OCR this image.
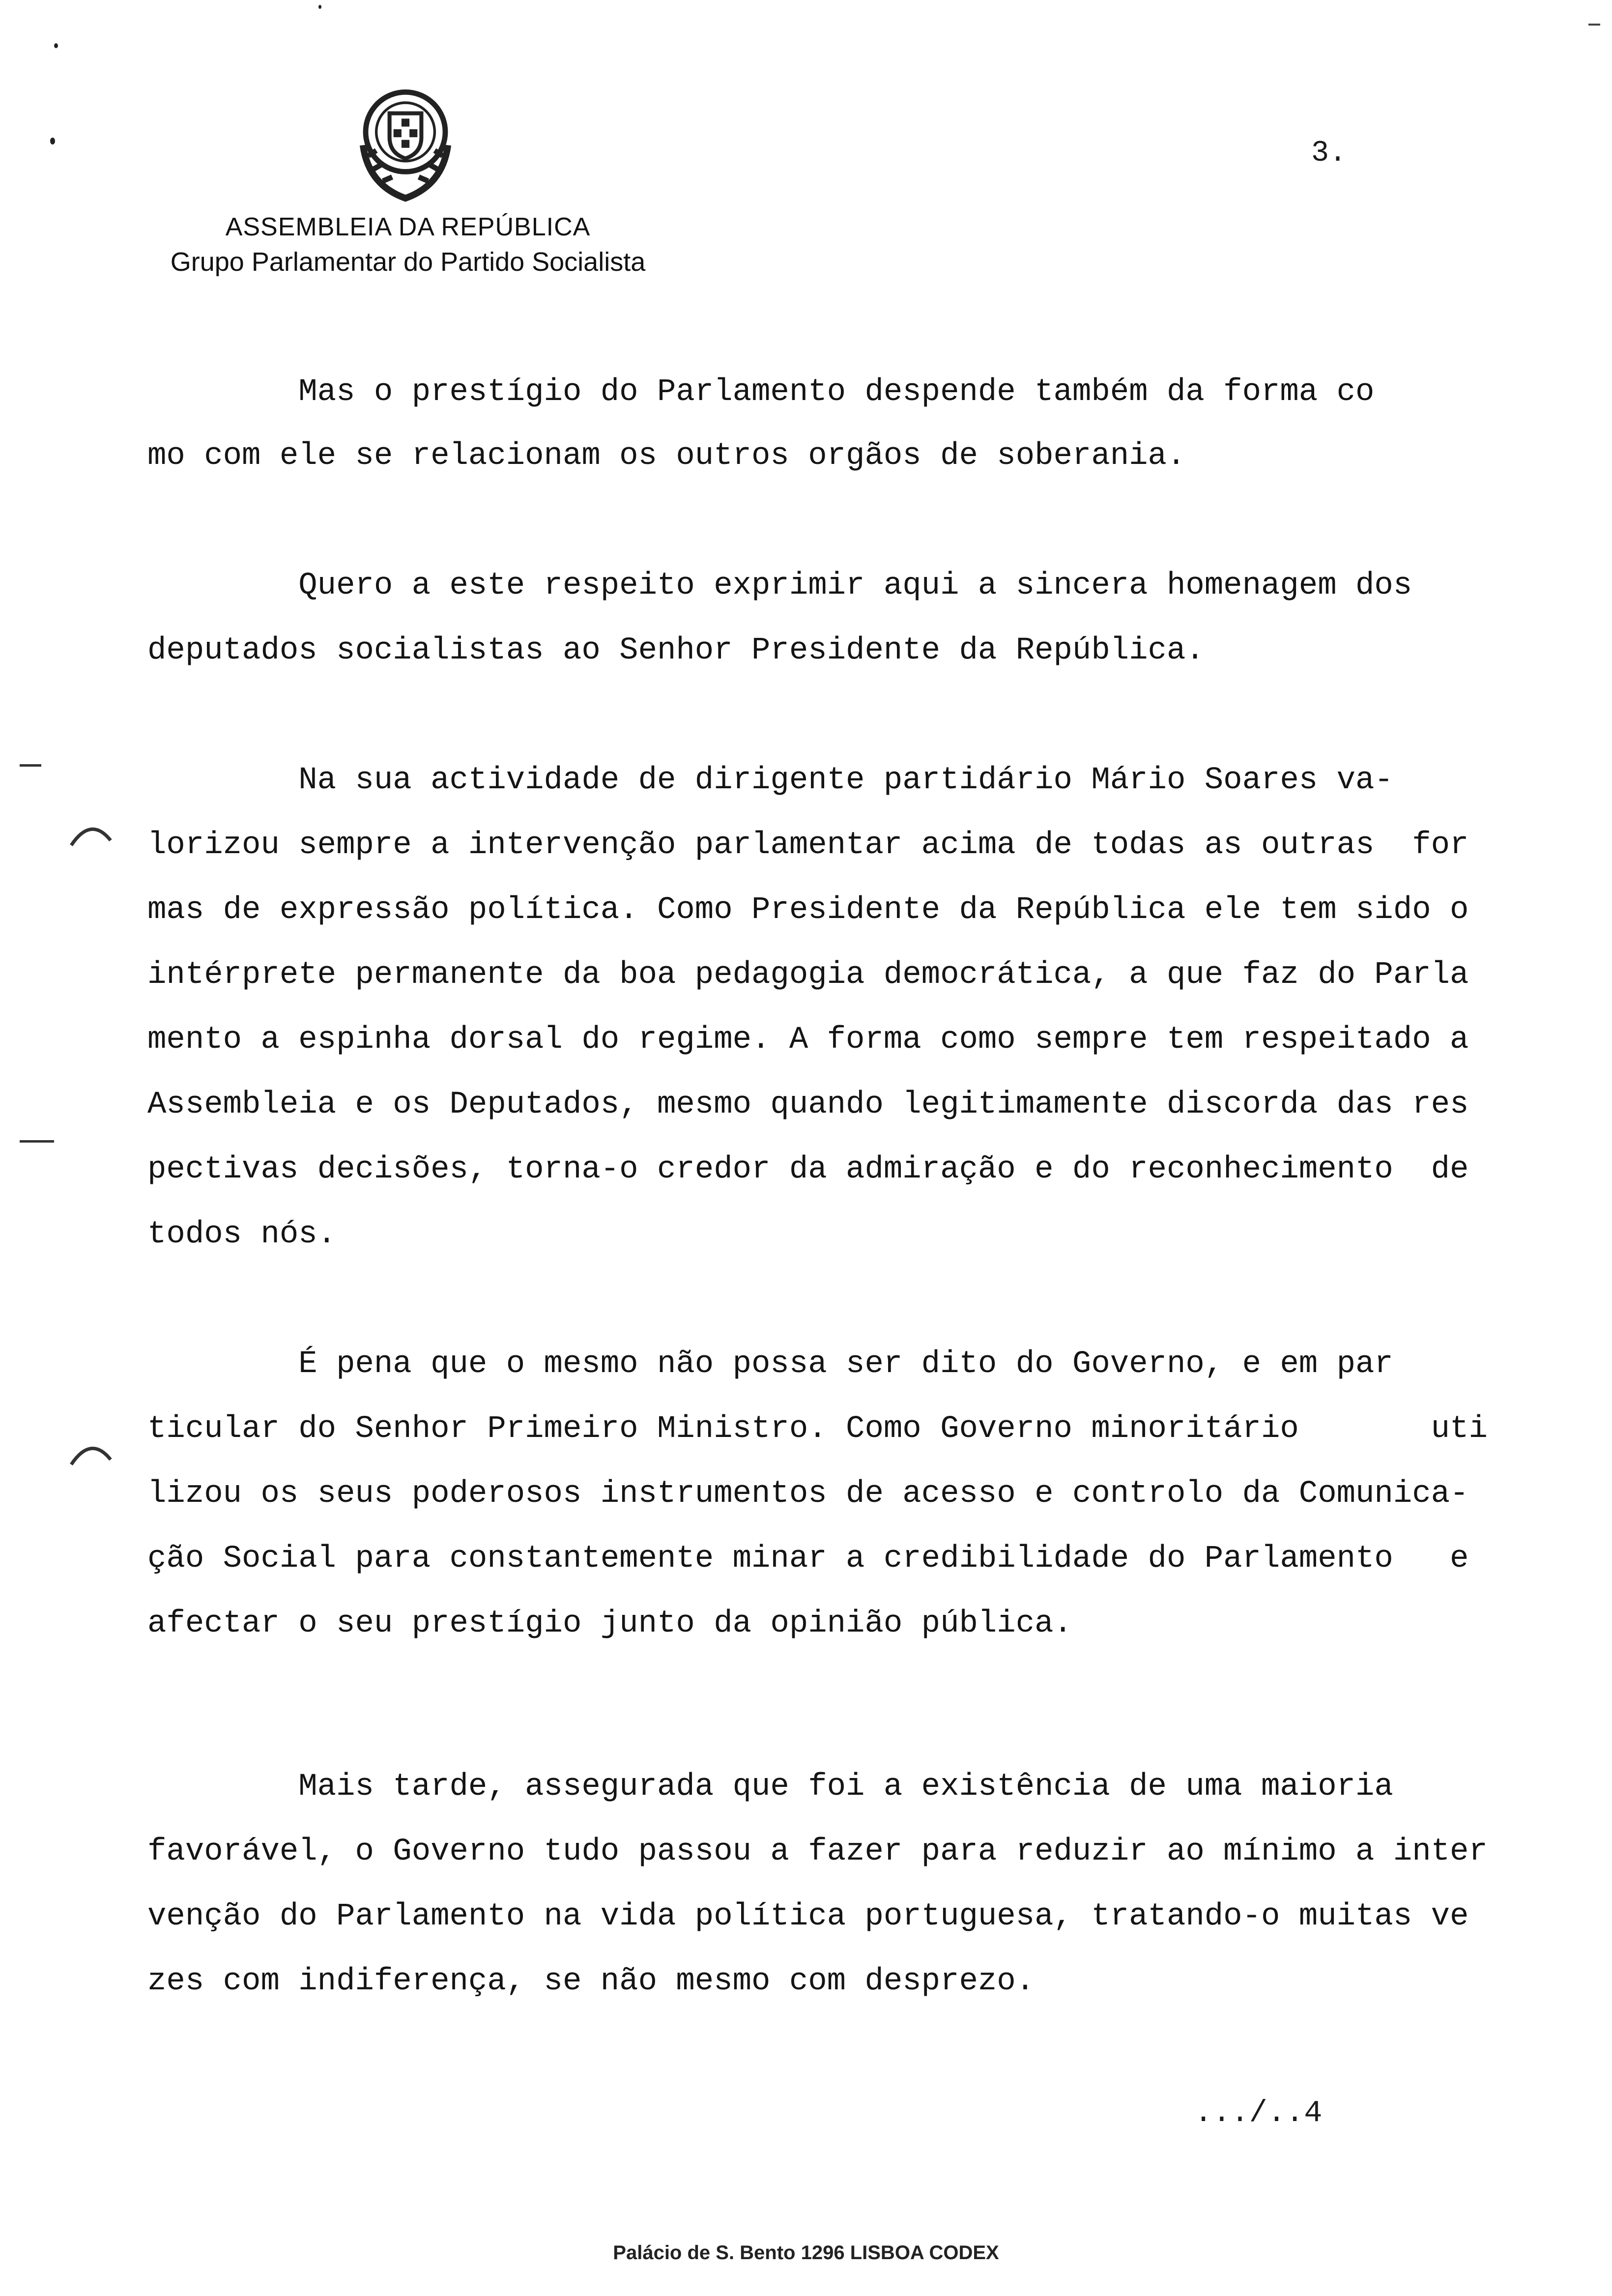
ASSEMBLEIA DA REPÚBLICA
Grupo Parlamentar do Partido Socialista
3.
Mas o prestígio do Parlamento despende também da forma co
mo com ele se relacionam os outros orgãos de soberania.
Quero a este respeito exprimir aqui a sincera homenagem dos
deputados socialistas ao Senhor Presidente da República.
Na sua actividade de dirigente partidário Mário Soares va-
lorizou sempre a intervenção parlamentar acima de todas as outras  for
mas de expressão política. Como Presidente da República ele tem sido o
intérprete permanente da boa pedagogia democrática, a que faz do Parla
mento a espinha dorsal do regime. A forma como sempre tem respeitado a
Assembleia e os Deputados, mesmo quando legitimamente discorda das res
pectivas decisões, torna-o credor da admiração e do reconhecimento  de
todos nós.
É pena que o mesmo não possa ser dito do Governo, e em par
ticular do Senhor Primeiro Ministro. Como Governo minoritário       uti
lizou os seus poderosos instrumentos de acesso e controlo da Comunica-
ção Social para constantemente minar a credibilidade do Parlamento   e
afectar o seu prestígio junto da opinião pública.
Mais tarde, assegurada que foi a existência de uma maioria
favorável, o Governo tudo passou a fazer para reduzir ao mínimo a inter
venção do Parlamento na vida política portuguesa, tratando-o muitas ve
zes com indiferença, se não mesmo com desprezo.
.../..4
Palácio de S. Bento 1296 LISBOA CODEX
